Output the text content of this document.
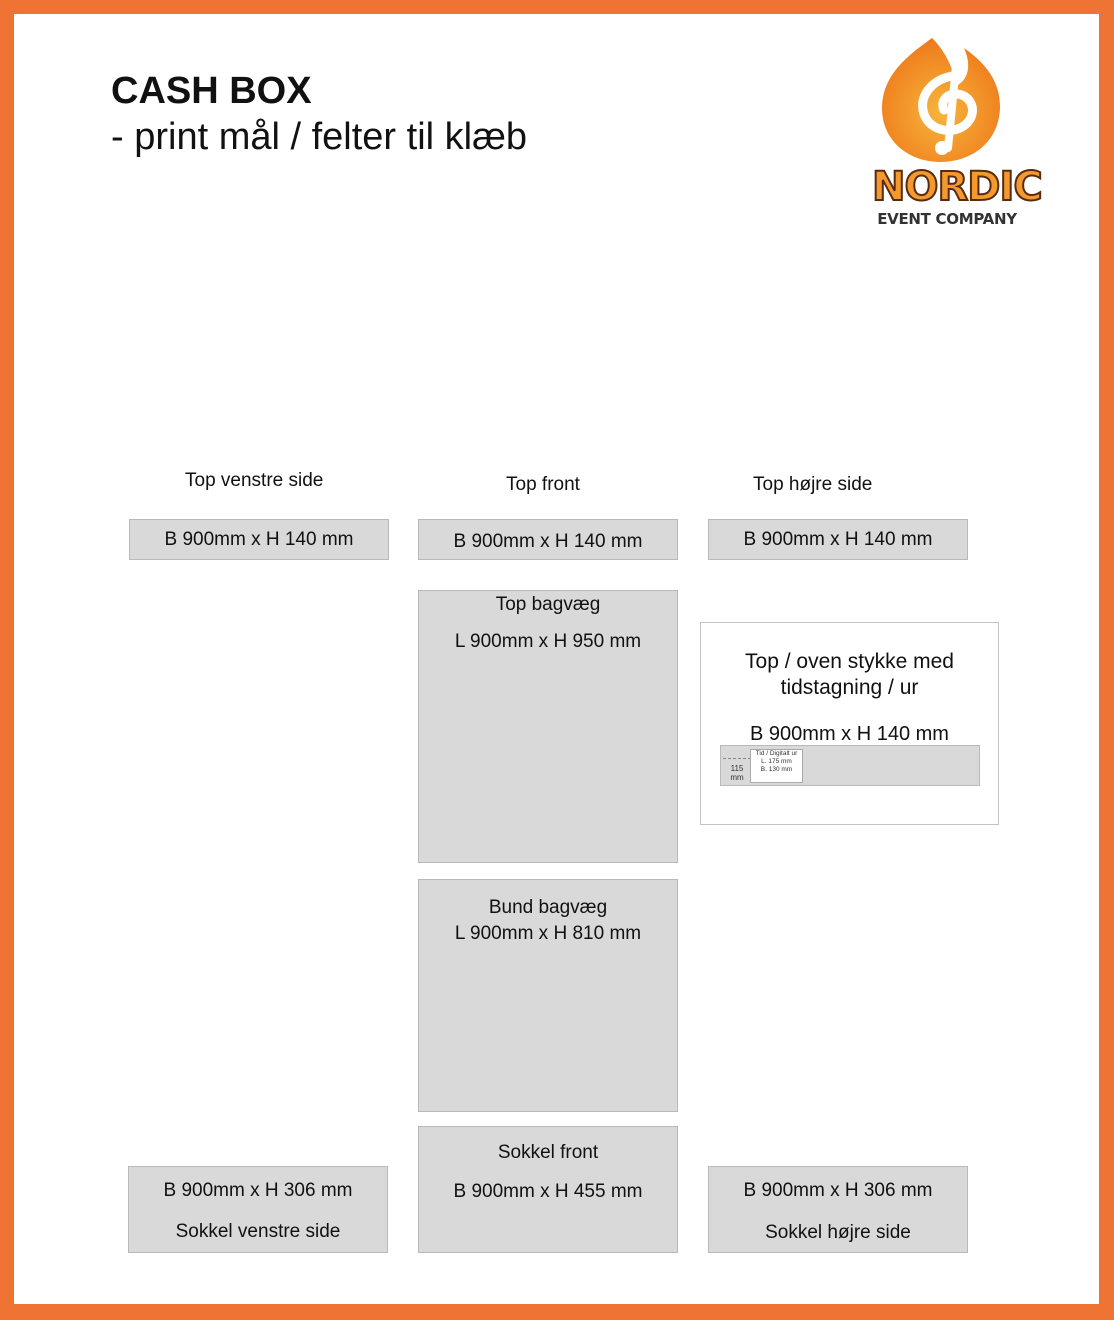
CASH BOX
- print mål / felter til klæb
NORDIC
EVENT COMPANY
Top venstre side	Top front	Top højre side
B 900mm x H 140 mm	B 900mm x H 140 mm	B 900mm x H 140 mm
Top bagvæg
L 900mm x H 950 mm
Bund bagvæg
L 900mm x H 810 mm
Sokkel front
B 900mm x H 455 mm
B 900mm x H 306 mm
Sokkel venstre side
B 900mm x H 306 mm
Sokkel højre side
Top / oven stykke med
tidstagning / ur
B 900mm x H 140 mm
115
mm
Tid / Digitalt ur
L. 175 mm
B. 130 mm
